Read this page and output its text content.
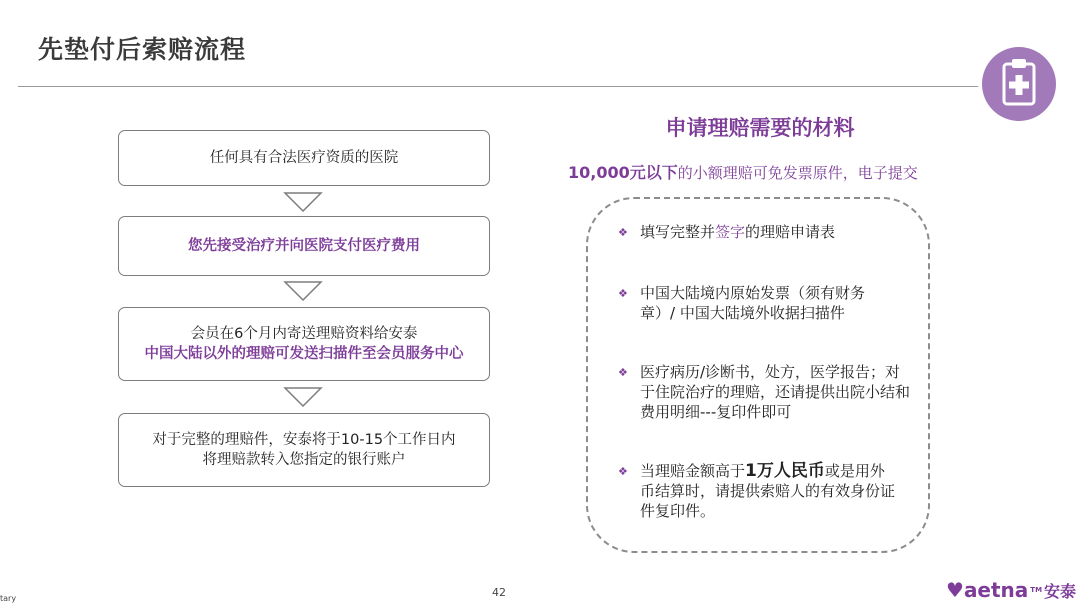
先垫付后索赔流程
任何具有合法医疗资质的医院
您先接受治疗并向医院支付医疗费用
会员在6个月内寄送理赔资料给安泰
中国大陆以外的理赔可发送扫描件至会员服务中心
对于完整的理赔件，安泰将于10-15个工作日内
将理赔款转入您指定的银行账户
申请理赔需要的材料
10,000元以下的小额理赔可免发票原件，电子提交
❖ 填写完整并签字的理赔申请表
❖ 中国大陆境内原始发票（须有财务章）/ 中国大陆境外收据扫描件
❖ 医疗病历/诊断书，处方，医学报告；对于住院治疗的理赔，还请提供出院小结和费用明细---复印件即可
❖ 当理赔金额高于1万人民币或是用外币结算时，请提供索赔人的有效身份证件复印件。
tary	42	♥ aetna TM 安泰
